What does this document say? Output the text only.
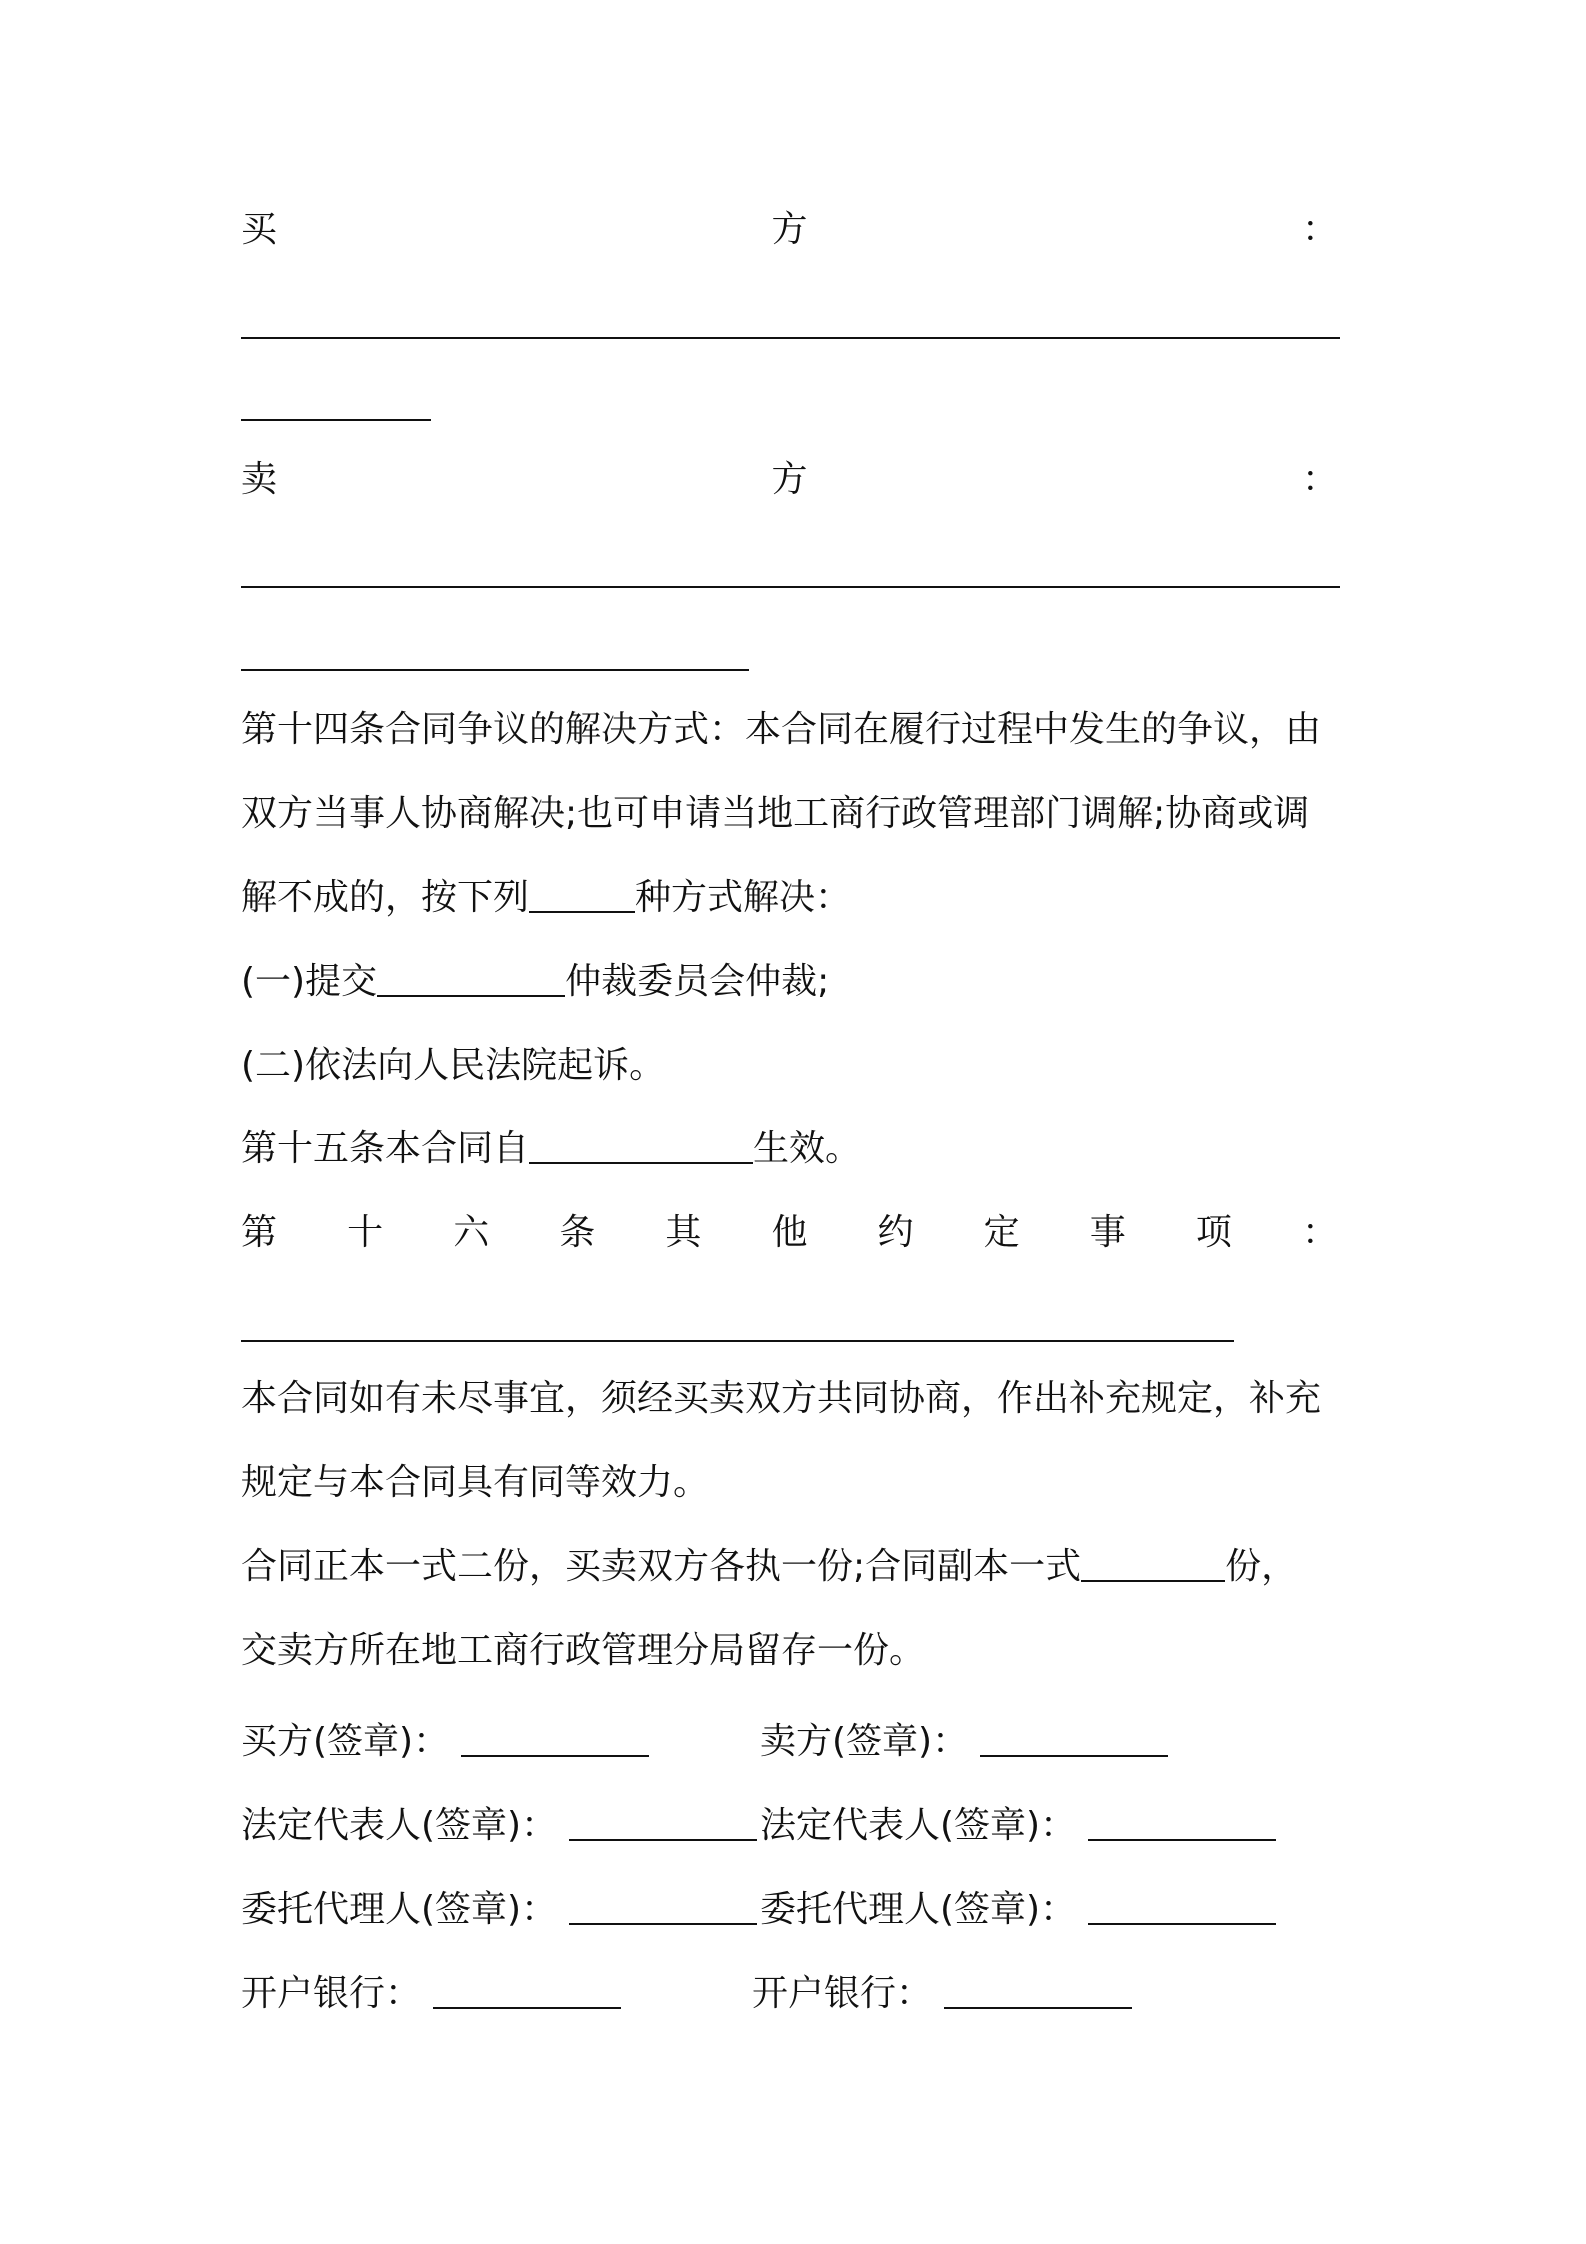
买	方	：
卖	方	：
第十四条合同争议的解决方式：本合同在履行过程中发生的争议，由
双方当事人协商解决;也可申请当地工商行政管理部门调解;协商或调
解不成的，按下列	种方式解决：
(一)提交	仲裁委员会仲裁;
(二)依法向人民法院起诉。
第十五条本合同自	生效。
第 十 六 条 其 他 约 定 事 项 ：
本合同如有未尽事宜，须经买卖双方共同协商，作出补充规定，补充
规定与本合同具有同等效力。
合同正本一式二份，买卖双方各执一份;合同副本一式	份，
交卖方所在地工商行政管理分局留存一份。
买方(签章)：	卖方(签章)：
法定代表人(签章)：	法定代表人(签章)：
委托代理人(签章)：	委托代理人(签章)：
开户银行：	开户银行：
